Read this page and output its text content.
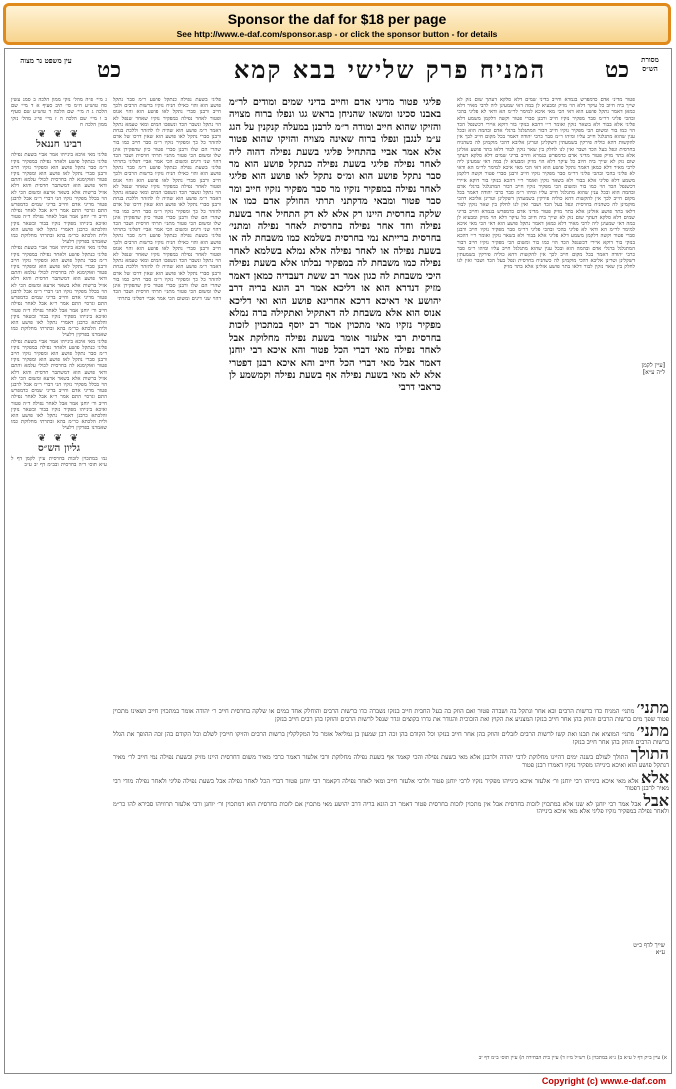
Sponsor the daf for $18 per page
See http://www.e-daf.com/sponsor.asp - or click the sponsor button - for details
מסורת הש״ס
כט
המניח פרק שלישי בבא קמא
כט
עין משפט נר מצוה
[עיין לקמן ל״ה ע״א]
פטור מדיני אדם כדמפרש בגמרא וחייב בדיני שמים דלא סלקא דעתך שום נזק לא שייך ביה חיוב כל עיקר דלא הוי מזיק ומבעיא לן במה דאי שמעינן ליה לרבי מאיר דלא כמאן דאמר נתקל פושע הוא דאי הכי מאי איכא למימר לר״מ הא ודאי לא פליגי בהכי ובהכי פליגי דר״מ סבר מפקיר נזקיו חייב ורבנן סברי פטור וקשה דלקמן משמע דלא פליגי אלא בבור ולא בשאר נזקין ואומר ר״י דהכא בנזקי בור דוקא איירי דכשנפל הכד הוי כמו בור ומשום הכי מפקיר נזקיו חייב דבור המתגלגל ברגלי אדם ובהמה הוא ובכל ענין שהוא מתגלגל חייב עליו ומיהו ר״מ סבר כרבי יהודה דאמר בכל מקום חייב לכך אין להקשות דהא כוליה פירקין בשמעתין דשקלינן וטרינן אליבא דהכי מוקמינן לה כשהניח בחרסית ונפל בעל הכד ושבר ואין לנו לחלק בין שאר נזקין לבור דלאו בתר פושע אזלינן אלא בתר מזיק פטור מדיני אדם כדמפרש בגמרא וחייב בדיני שמים דלא סלקא דעתך שום נזק לא שייך ביה חיוב כל עיקר דלא הוי מזיק ומבעיא לן במה דאי שמעינן ליה לרבי מאיר דלא כמאן דאמר נתקל פושע הוא דאי הכי מאי איכא למימר לר״מ הא ודאי לא פליגי בהכי ובהכי פליגי דר״מ סבר מפקיר נזקיו חייב ורבנן סברי פטור וקשה דלקמן משמע דלא פליגי אלא בבור ולא בשאר נזקין ואומר ר״י דהכא בנזקי בור דוקא איירי דכשנפל הכד הוי כמו בור ומשום הכי מפקיר נזקיו חייב דבור המתגלגל ברגלי אדם ובהמה הוא ובכל ענין שהוא מתגלגל חייב עליו ומיהו ר״מ סבר כרבי יהודה דאמר בכל מקום חייב לכך אין להקשות דהא כוליה פירקין בשמעתין דשקלינן וטרינן אליבא דהכי מוקמינן לה כשהניח בחרסית ונפל בעל הכד ושבר ואין לנו לחלק בין שאר נזקין לבור דלאו בתר פושע אזלינן אלא בתר מזיק פטור מדיני אדם כדמפרש בגמרא וחייב בדיני שמים דלא סלקא דעתך שום נזק לא שייך ביה חיוב כל עיקר דלא הוי מזיק ומבעיא לן במה דאי שמעינן ליה לרבי מאיר דלא כמאן דאמר נתקל פושע הוא דאי הכי מאי איכא למימר לר״מ הא ודאי לא פליגי בהכי ובהכי פליגי דר״מ סבר מפקיר נזקיו חייב ורבנן סברי פטור וקשה דלקמן משמע דלא פליגי אלא בבור ולא בשאר נזקין ואומר ר״י דהכא בנזקי בור דוקא איירי דכשנפל הכד הוי כמו בור ומשום הכי מפקיר נזקיו חייב דבור המתגלגל ברגלי אדם ובהמה הוא ובכל ענין שהוא מתגלגל חייב עליו ומיהו ר״מ סבר כרבי יהודה דאמר בכל מקום חייב לכך אין להקשות דהא כוליה פירקין בשמעתין דשקלינן וטרינן אליבא דהכי מוקמינן לה כשהניח בחרסית ונפל בעל הכד ושבר ואין לנו לחלק בין שאר נזקין לבור דלאו בתר פושע אזלינן אלא בתר מזיק
פליגי פטור מדיני אדם וחייב בדיני שמים ומודים לר״מ באבנו סכינו ומשאו שהניחן בראש גגו ונפלו ברוח מצויה והזיקו שהוא חייב ומודה ר״מ לרבנן במעלה קנקנין על הגג ע״מ לנגבן ונפלו ברוח שאינה מצויה והזיקו שהוא פטור אלא אמר אביי בהתחיל פליגי בשעת נפילה דהוה ליה לאחר נפילה פליגי בשעת נפילה כנתקל פושע הוא מר סבר נתקל פושע הוא ומ״ס נתקל לאו פושע הוא פליגי לאחר נפילה במפקיר נזקיו מר סבר מפקיר נזקיו חייב ומר סבר פטור ומבאי מדקתני תרתי החולק אדם כמו או שלקה בחרסית היינו רק אלא לא דק התחיל אחר בשעת נפילה וחד אחר נפילה בחרסית לאחר נפילה ומתני׳ בחרסית ברייתא נמי בחרסית בשלמא כמו משבחת לה או בשעת נפילה או לאחר נפילה אלא נמלא בשלמא לאחר נפילה כמו משבחת לה במפקיר נבלתו אלא בשעת נפילה היכי משבחת לה כגון אמר רב ששת דעבדיה כמאן דאמר מזיק דנדרא הוא או דליכא אמר רב הונא בריה דרב יהושע אי דאיכא דרכא אחרינא פושע הוא ואי דליכא אנוס הוא אלא משבחת לה דאתקיל ואתקילה ברה נמלא מפקיר נזקיו מאי מתכוין אמר רב יוסף במתכוין לזכות בחרסית רבי אלעזר אומר בשעת נפילה מחלוקת אבל לאחר נפילה מאי דברי הכל פטור והא איכא רבי יוחנן דאמר אבל מאי דברי הכל חייב והא איכא רבנן דפטרי אלא לא מאי בשעת נפילה אף בשעת נפילה וקמשמע לן כראבי דרבי
פליגי בשעת נפילה כנתקל פושע ר״מ סבר נתקל פושע הוא והוי כאילו הניח נזקיו ברשות הרבים ולכך חייב ורבנן סברי נתקל לאו פושע הוא והוי אנוס ופטור לאחר נפילה במפקיר נזקיו שאחר שנפל לא הוי נתקל ונשבר הכד ונשפכו המים ומאי טעמא נתקל דאמר ר״מ פושע הוא שהיה לו להזהר וללכת בנחת ורבנן סברי נתקל לאו פושע הוא שאין דרכו של אדם להזהר כל כך ומפקיר נזקיו ר״מ סבר חייב כמו בור שהרי הם שלו ורבנן סברי פטור כיון שהפקירן אינן שלו ומשום הכי פטור מתני׳ תרתי חרסית ושבר הכד דהוי שני דינים ומשום הכי אמר אביי דפליגי בתרתי פליגי בשעת נפילה כנתקל פושע ר״מ סבר נתקל פושע הוא והוי כאילו הניח נזקיו ברשות הרבים ולכך חייב ורבנן סברי נתקל לאו פושע הוא והוי אנוס ופטור לאחר נפילה במפקיר נזקיו שאחר שנפל לא הוי נתקל ונשבר הכד ונשפכו המים ומאי טעמא נתקל דאמר ר״מ פושע הוא שהיה לו להזהר וללכת בנחת ורבנן סברי נתקל לאו פושע הוא שאין דרכו של אדם להזהר כל כך ומפקיר נזקיו ר״מ סבר חייב כמו בור שהרי הם שלו ורבנן סברי פטור כיון שהפקירן אינן שלו ומשום הכי פטור מתני׳ תרתי חרסית ושבר הכד דהוי שני דינים ומשום הכי אמר אביי דפליגי בתרתי פליגי בשעת נפילה כנתקל פושע ר״מ סבר נתקל פושע הוא והוי כאילו הניח נזקיו ברשות הרבים ולכך חייב ורבנן סברי נתקל לאו פושע הוא והוי אנוס ופטור לאחר נפילה במפקיר נזקיו שאחר שנפל לא הוי נתקל ונשבר הכד ונשפכו המים ומאי טעמא נתקל דאמר ר״מ פושע הוא שהיה לו להזהר וללכת בנחת ורבנן סברי נתקל לאו פושע הוא שאין דרכו של אדם להזהר כל כך ומפקיר נזקיו ר״מ סבר חייב כמו בור שהרי הם שלו ורבנן סברי פטור כיון שהפקירן אינן שלו ומשום הכי פטור מתני׳ תרתי חרסית ושבר הכד דהוי שני דינים ומשום הכי אמר אביי דפליגי בתרתי
ג מיי׳ פ״ה מהל׳ נזקי ממון הלכה ב סמג עשין סח טוש״ע ח״מ סי׳ תיב סעיף א ד מיי׳ שם הלכה ג ה מיי׳ שם הלכה ד טוש״ע שם סעיף ב ו מיי׳ שם הלכה ה ז מיי׳ פי״ג מהל׳ נזקי ממון הלכה ח
❦ ❦ ❦
רבינו חננאל
פליגי מאי איכא בינייהו אמר אביי בשעת נפילה פליגי כנתקל פושע ולאחר נפילה במפקיר נזקיו ר״מ סבר נתקל פושע הוא ומפקיר נזקיו חייב ורבנן סברי נתקל לאו פושע הוא ומפקיר נזקיו פטור ואוקימנא לה בחרסית לכולי עלמא והתם ודאי פושע הוא דמשתבר חרסית והוא דלא אזיל ברשות אלא בשאר ארעא ומשום הכי לא הוי בכלל מפקיר נזקיו הני דברי ר״מ אבל לרבנן פטור מדיני אדם וחייב בדיני שמים כדמפרש התם וגרסי׳ התם אמר ר״א אבל לאחר נפילה חייב ור׳ יוחנן אמר אבל לאחר נפילה ד״ה פטור ואיכא בינייהו מפקיר נזקיו בבור ובשאר נזקין והלכתא כרבנן דאמרי נתקל לאו פושע הוא ולית הלכתא כר״מ בהא ובתרתי מחלוקת כמו שאמרנו בפרקין דלעיל
פליגי מאי איכא בינייהו אמר אביי בשעת נפילה פליגי כנתקל פושע ולאחר נפילה במפקיר נזקיו ר״מ סבר נתקל פושע הוא ומפקיר נזקיו חייב ורבנן סברי נתקל לאו פושע הוא ומפקיר נזקיו פטור ואוקימנא לה בחרסית לכולי עלמא והתם ודאי פושע הוא דמשתבר חרסית והוא דלא אזיל ברשות אלא בשאר ארעא ומשום הכי לא הוי בכלל מפקיר נזקיו הני דברי ר״מ אבל לרבנן פטור מדיני אדם וחייב בדיני שמים כדמפרש התם וגרסי׳ התם אמר ר״א אבל לאחר נפילה חייב ור׳ יוחנן אמר אבל לאחר נפילה ד״ה פטור ואיכא בינייהו מפקיר נזקיו בבור ובשאר נזקין והלכתא כרבנן דאמרי נתקל לאו פושע הוא ולית הלכתא כר״מ בהא ובתרתי מחלוקת כמו שאמרנו בפרקין דלעיל
פליגי מאי איכא בינייהו אמר אביי בשעת נפילה פליגי כנתקל פושע ולאחר נפילה במפקיר נזקיו ר״מ סבר נתקל פושע הוא ומפקיר נזקיו חייב ורבנן סברי נתקל לאו פושע הוא ומפקיר נזקיו פטור ואוקימנא לה בחרסית לכולי עלמא והתם ודאי פושע הוא דמשתבר חרסית והוא דלא אזיל ברשות אלא בשאר ארעא ומשום הכי לא הוי בכלל מפקיר נזקיו הני דברי ר״מ אבל לרבנן פטור מדיני אדם וחייב בדיני שמים כדמפרש התם וגרסי׳ התם אמר ר״א אבל לאחר נפילה חייב ור׳ יוחנן אמר אבל לאחר נפילה ד״ה פטור ואיכא בינייהו מפקיר נזקיו בבור ובשאר נזקין והלכתא כרבנן דאמרי נתקל לאו פושע הוא ולית הלכתא כר״מ בהא ובתרתי מחלוקת כמו שאמרנו בפרקין דלעיל
❦ ❦ ❦
גליון הש״ס
גמ׳ במתכוין לזכות בחרסית עיין לקמן דף ל ע״א תוס׳ ד״ה בחרסית ובב״מ דף יב ע״ב

מתני׳ מתני׳ המניח כדו ברשות הרבים ובא אחר ונתקל בה ושברה פטור ואם הוזק בה בעל החבית חייב בנזקו נשברה כדו ברשות הרבים והוחלק אחד במים או שלקה בחרסית חייב ר׳ יהודה אומר במתכוין חייב ושאינו מתכוין פטור שפך מים ברשות הרבים והוזק בהן אחר חייב בנזקו המצניע את הקוץ ואת הזכוכית והגודר את גדרו בקוצים וגדר שנפל לרשות הרבים והוזקו בהן רבים חייב בנזקן

מתני׳ מתני׳ המוציא את תבנו ואת קשו לרשות הרבים לזבלים והוזק בהן אחר חייב בנזקו וכל הקודם בהן זכה רבן שמעון בן גמליאל אומר כל המקלקלין ברשות הרבים והזיקו חייבין לשלם וכל הקודם בהן זכה ההופך את הגלל ברשות הרבים והוזק בהן אחר חייב בנזקו

התולך התולך לעולם בשנה ימים דהיינו מחלוקת לרבי יהודה ולרבנן אלא מאי בשעת נפילה והכי קאמר אף בשעת נפילה מחלוקת ורבי אלעזר דאמר כרבי מאיר משום דחרסית היינו מזיק ובשעת נפילה נמי חייב לר׳ מאיר דנתקל פושע הוא ואיכא בינייהו מפקיר נזקיו דאמרו רבנן פטור

אלא אלא מאי איכא בינייהו רבי יוחנן ור׳ אלעזר איכא בינייהו מפקיר נזקיו לרבי יוחנן פטור ולרבי אלעזר חייב ומאי לאחר נפילה דקאמר רבי יוחנן פטור דברי הכל לאחר נפילה אבל בשעת נפילה פליגי ולאחר נפילה מודי רבי מאיר לרבנן דפטור

אבל אבל אמר רבי יוחנן לא שנו אלא במתכוין לזכות בחרסית אבל אין מתכוין לזכות בחרסית פטור דאמר רב הונא בריה דרב יהושע מאי מתכוין אם לזכות בחרסית הוא דמתכוין ור׳ יוחנן ורבי אלעזר תרוויהו סבירא להו כר״מ ולאחר נפילה במפקיר נזקיו פליגי אלא מאי איכא בינייהו

שייך לדף כ״ט ע״א
א) עיין ב״ק דף ל ע״א ב) נ״א במתכוין ג) רש״ל מ״ז ד) עיין בית הבחירה ה) עיין תוס׳ ב״מ דף יב
Copyright (c) www.e-daf.com
